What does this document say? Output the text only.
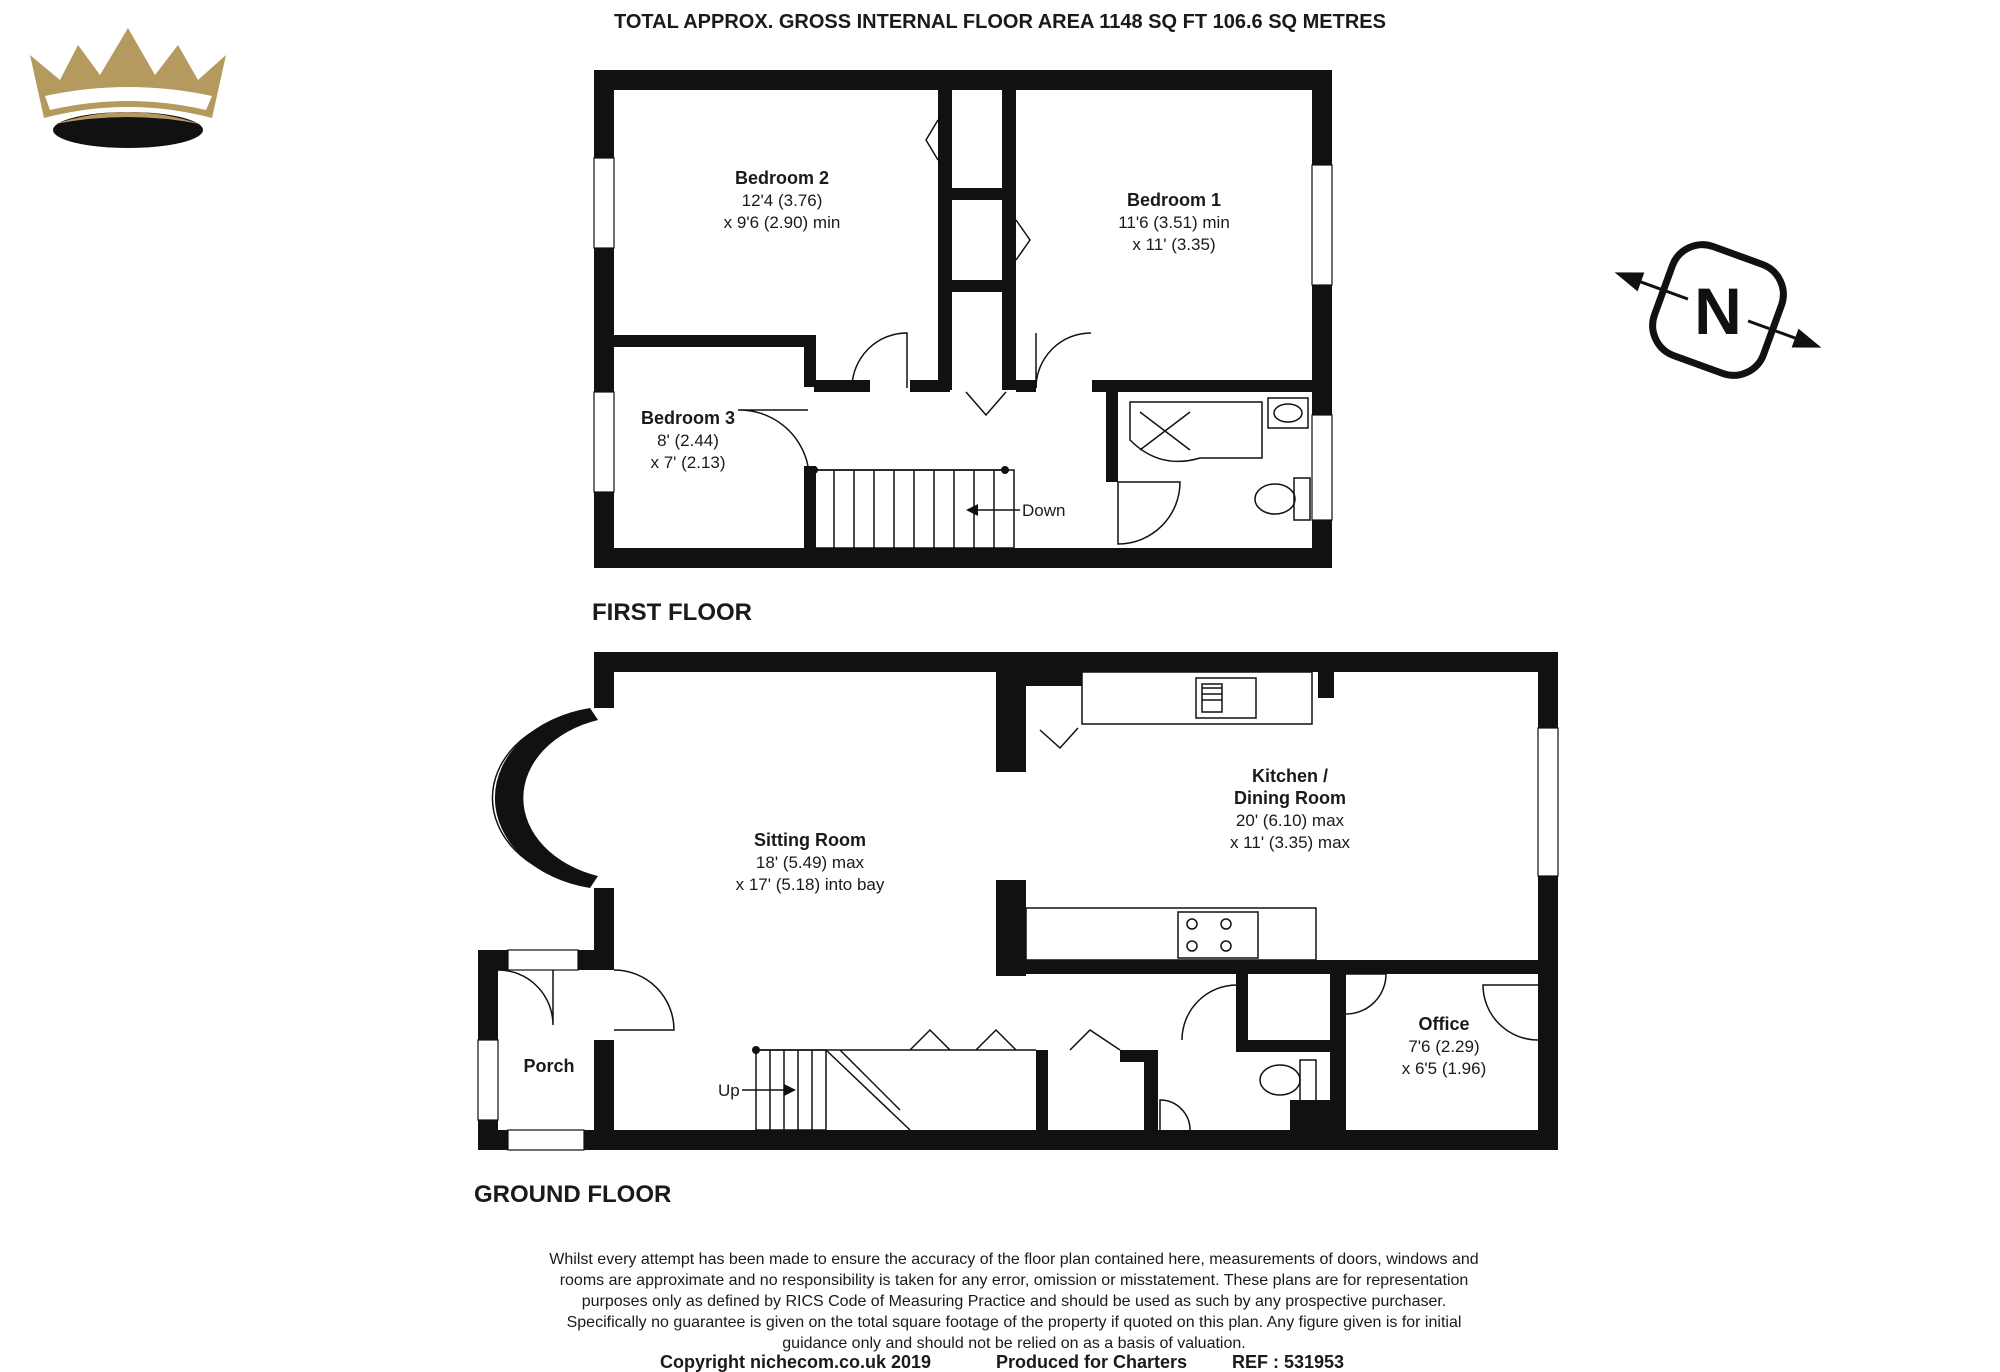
TOTAL APPROX. GROSS INTERNAL FLOOR AREA 1148 SQ FT 106.6 SQ METRES
N
Down
Bedroom 2
12'4 (3.76)
x 9'6 (2.90) min
Bedroom 1
11'6 (3.51) min
x 11' (3.35)
Bedroom 3
8' (2.44)
x 7' (2.13)
FIRST FLOOR
Up
Sitting Room
18' (5.49) max
x 17' (5.18) into bay
Kitchen /
Dining Room
20' (6.10) max
x 11' (3.35) max
Office
7'6 (2.29)
x 6'5 (1.96)
Porch
GROUND FLOOR
Whilst every attempt has been made to ensure the accuracy of the floor plan contained here, measurements of doors, windows and
rooms are approximate and no responsibility is taken for any error, omission or misstatement. These plans are for representation
purposes only as defined by RICS Code of Measuring Practice and should be used as such by any prospective purchaser.
Specifically no guarantee is given on the total square footage of the property if quoted on this plan. Any figure given is for initial
guidance only and should not be relied on as a basis of valuation.
Copyright nichecom.co.uk 2019	Produced for Charters REF : 531953
